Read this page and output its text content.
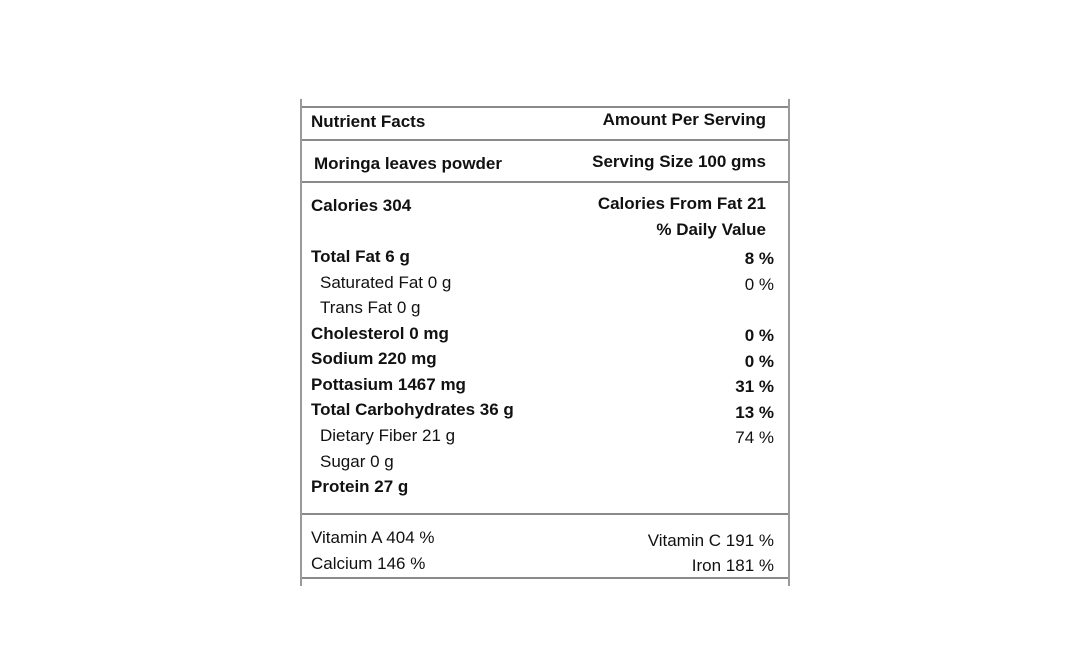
Nutrient Facts	Amount Per Serving
Moringa leaves powder	Serving Size 100 gms
Calories 304	Calories From Fat 21
% Daily Value
Total Fat 6 g	8 %
Saturated Fat 0 g	0 %
Trans Fat 0 g
Cholesterol 0 mg	0 %
Sodium 220 mg	0 %
Pottasium 1467 mg	31 %
Total Carbohydrates 36 g	13 %
Dietary Fiber 21 g	74 %
Sugar 0 g
Protein 27 g
Vitamin A 404 %	Vitamin C 191 %
Calcium 146 %	Iron 181 %
